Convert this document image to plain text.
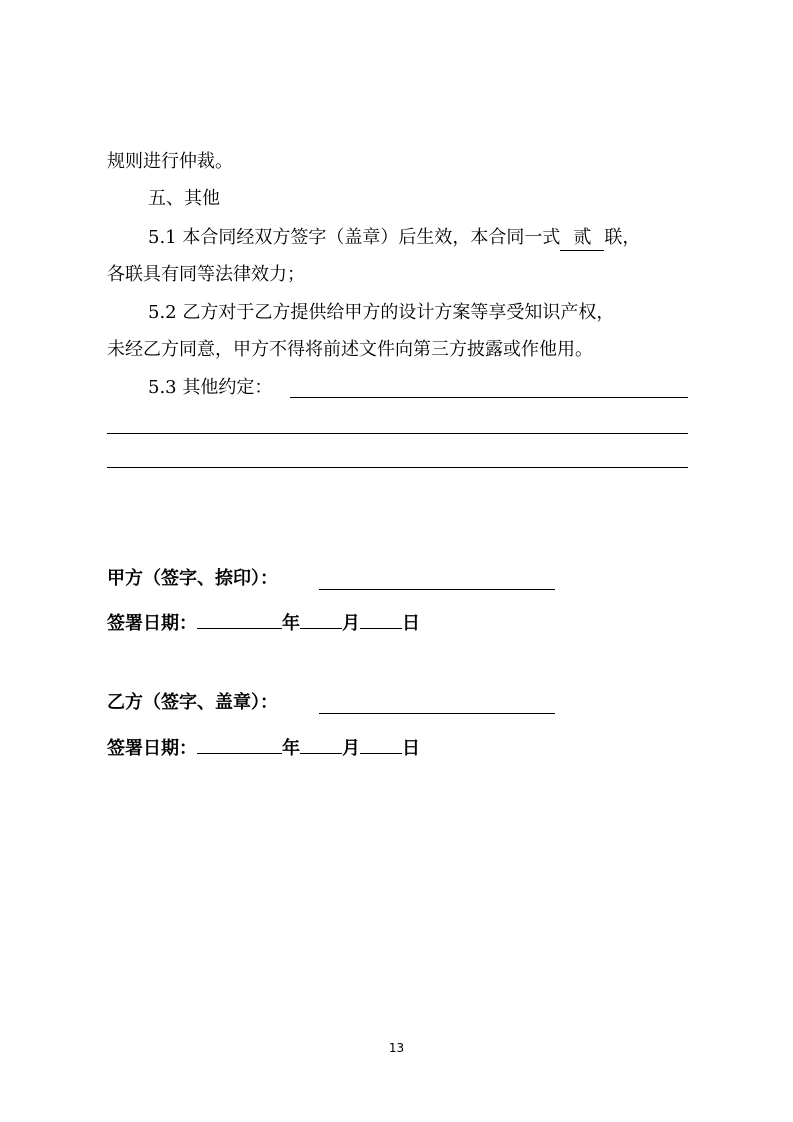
规则进行仲裁。
五、其他
5.1 本合同经双方签字（盖章）后生效，本合同一式 贰 联，
各联具有同等法律效力；
5.2 乙方对于乙方提供给甲方的设计方案等享受知识产权，
未经乙方同意，甲方不得将前述文件向第三方披露或作他用。
5.3 其他约定：
甲方（签字、捺印）：
签署日期：	年 月 日
乙方（签字、盖章）：
签署日期：	年 月 日
13
